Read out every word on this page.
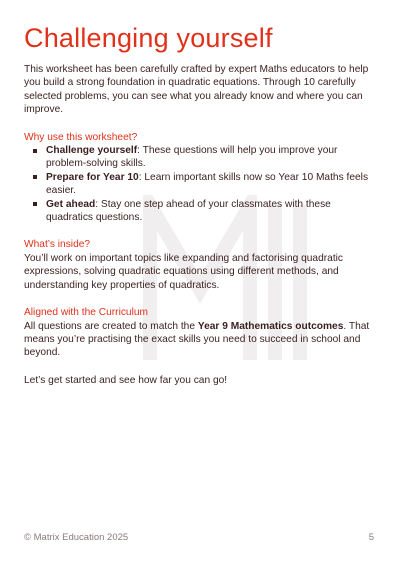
Challenging yourself

This worksheet has been carefully crafted by expert Maths educators to help you build a strong foundation in quadratic equations. Through 10 carefully selected problems, you can see what you already know and where you can improve.

Why use this worksheet?

Challenge yourself: These questions will help you improve your problem-solving skills.
Prepare for Year 10: Learn important skills now so Year 10 Maths feels easier.
Get ahead: Stay one step ahead of your classmates with these quadratics questions.

What’s inside?

You’ll work on important topics like expanding and factorising quadratic expressions, solving quadratic equations using different methods, and understanding key properties of quadratics.

Aligned with the Curriculum

All questions are created to match the Year 9 Mathematics outcomes. That means you’re practising the exact skills you need to succeed in school and beyond.

Let’s get started and see how far you can go!

© Matrix Education 2025	5
